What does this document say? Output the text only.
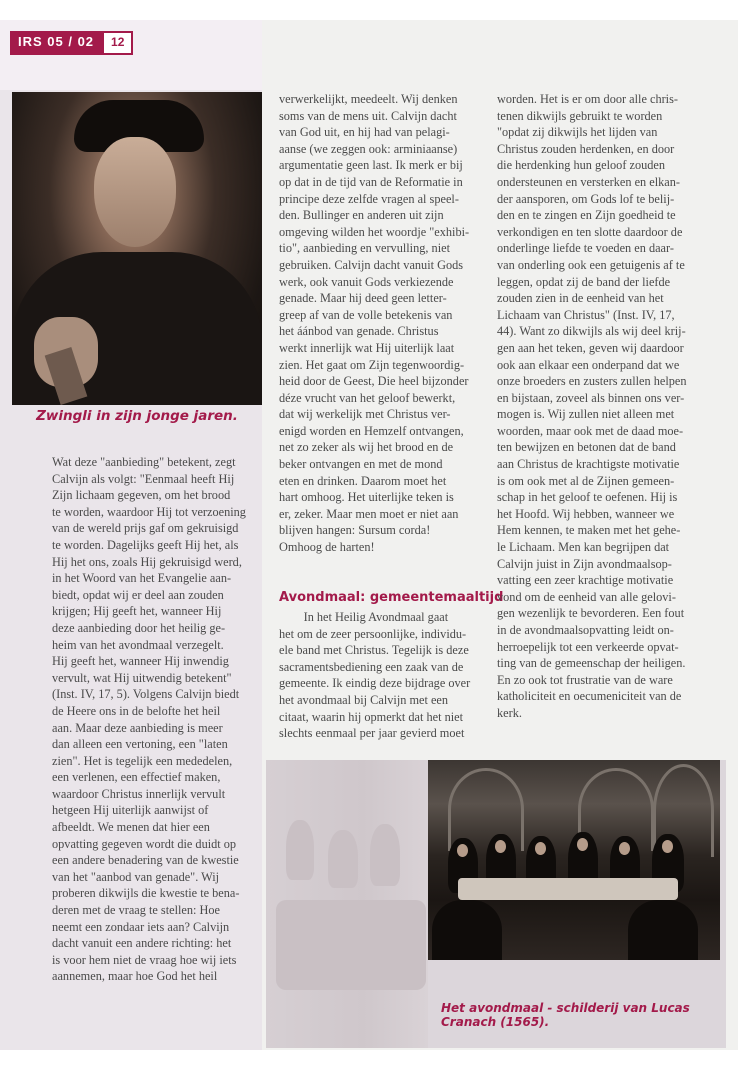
IRS 05 / 02	12
Zwingli in zijn jonge jaren.
Wat deze "aanbieding" betekent, zegt
Calvijn als volgt: "Eenmaal heeft Hij
Zijn lichaam gegeven, om het brood
te worden, waardoor Hij tot verzoening
van de wereld prijs gaf om gekruisigd
te worden. Dagelijks geeft Hij het, als
Hij het ons, zoals Hij gekruisigd werd,
in het Woord van het Evangelie aan-
biedt, opdat wij er deel aan zouden
krijgen; Hij geeft het, wanneer Hij
deze aanbieding door het heilig ge-
heim van het avondmaal verzegelt.
Hij geeft het, wanneer Hij inwendig
vervult, wat Hij uitwendig betekent"
(Inst. IV, 17, 5). Volgens Calvijn biedt
de Heere ons in de belofte het heil
aan. Maar deze aanbieding is meer
dan alleen een vertoning, een "laten
zien". Het is tegelijk een mededelen,
een verlenen, een effectief maken,
waardoor Christus innerlijk vervult
hetgeen Hij uiterlijk aanwijst of
afbeeldt. We menen dat hier een
opvatting gegeven wordt die duidt op
een andere benadering van de kwestie
van het "aanbod van genade". Wij
proberen dikwijls die kwestie te bena-
deren met de vraag te stellen: Hoe
neemt een zondaar iets aan? Calvijn
dacht vanuit een andere richting: het
is voor hem niet de vraag hoe wij iets
aannemen, maar hoe God het heil
verwerkelijkt, meedeelt. Wij denken
soms van de mens uit. Calvijn dacht
van God uit, en hij had van pelagi-
aanse (we zeggen ook: arminiaanse)
argumentatie geen last. Ik merk er bij
op dat in de tijd van de Reformatie in
principe deze zelfde vragen al speel-
den. Bullinger en anderen uit zijn
omgeving wilden het woordje "exhibi-
tio", aanbieding en vervulling, niet
gebruiken. Calvijn dacht vanuit Gods
werk, ook vanuit Gods verkiezende
genade. Maar hij deed geen letter-
greep af van de volle betekenis van
het áánbod van genade. Christus
werkt innerlijk wat Hij uiterlijk laat
zien. Het gaat om Zijn tegenwoordig-
heid door de Geest, Die heel bijzonder
déze vrucht van het geloof bewerkt,
dat wij werkelijk met Christus ver-
enigd worden en Hemzelf ontvangen,
net zo zeker als wij het brood en de
beker ontvangen en met de mond
eten en drinken. Daarom moet het
hart omhoog. Het uiterlijke teken is
er, zeker. Maar men moet er niet aan
blijven hangen: Sursum corda!
Omhoog de harten!
Avondmaal: gemeentemaaltijd
In het Heilig Avondmaal gaat
het om de zeer persoonlijke, individu-
ele band met Christus. Tegelijk is deze
sacramentsbediening een zaak van de
gemeente. Ik eindig deze bijdrage over
het avondmaal bij Calvijn met een
citaat, waarin hij opmerkt dat het niet
slechts eenmaal per jaar gevierd moet
worden. Het is er om door alle chris-
tenen dikwijls gebruikt te worden
"opdat zij dikwijls het lijden van
Christus zouden herdenken, en door
die herdenking hun geloof zouden
ondersteunen en versterken en elkan-
der aansporen, om Gods lof te belij-
den en te zingen en Zijn goedheid te
verkondigen en ten slotte daardoor de
onderlinge liefde te voeden en daar-
van onderling ook een getuigenis af te
leggen, opdat zij de band der liefde
zouden zien in de eenheid van het
Lichaam van Christus" (Inst. IV, 17,
44). Want zo dikwijls als wij deel krij-
gen aan het teken, geven wij daardoor
ook aan elkaar een onderpand dat we
onze broeders en zusters zullen helpen
en bijstaan, zoveel als binnen ons ver-
mogen is. Wij zullen niet alleen met
woorden, maar ook met de daad moe-
ten bewijzen en betonen dat de band
aan Christus de krachtigste motivatie
is om ook met al de Zijnen gemeen-
schap in het geloof te oefenen. Hij is
het Hoofd. Wij hebben, wanneer we
Hem kennen, te maken met het gehe-
le Lichaam. Men kan begrijpen dat
Calvijn juist in Zijn avondmaalsop-
vatting een zeer krachtige motivatie
vond om de eenheid van alle gelovi-
gen wezenlijk te bevorderen. Een fout
in de avondmaalsopvatting leidt on-
herroepelijk tot een verkeerde opvat-
ting van de gemeenschap der heiligen.
En zo ook tot frustratie van de ware
katholiciteit en oecumeniciteit van de
kerk.
Het avondmaal - schilderij van Lucas Cranach (1565).
